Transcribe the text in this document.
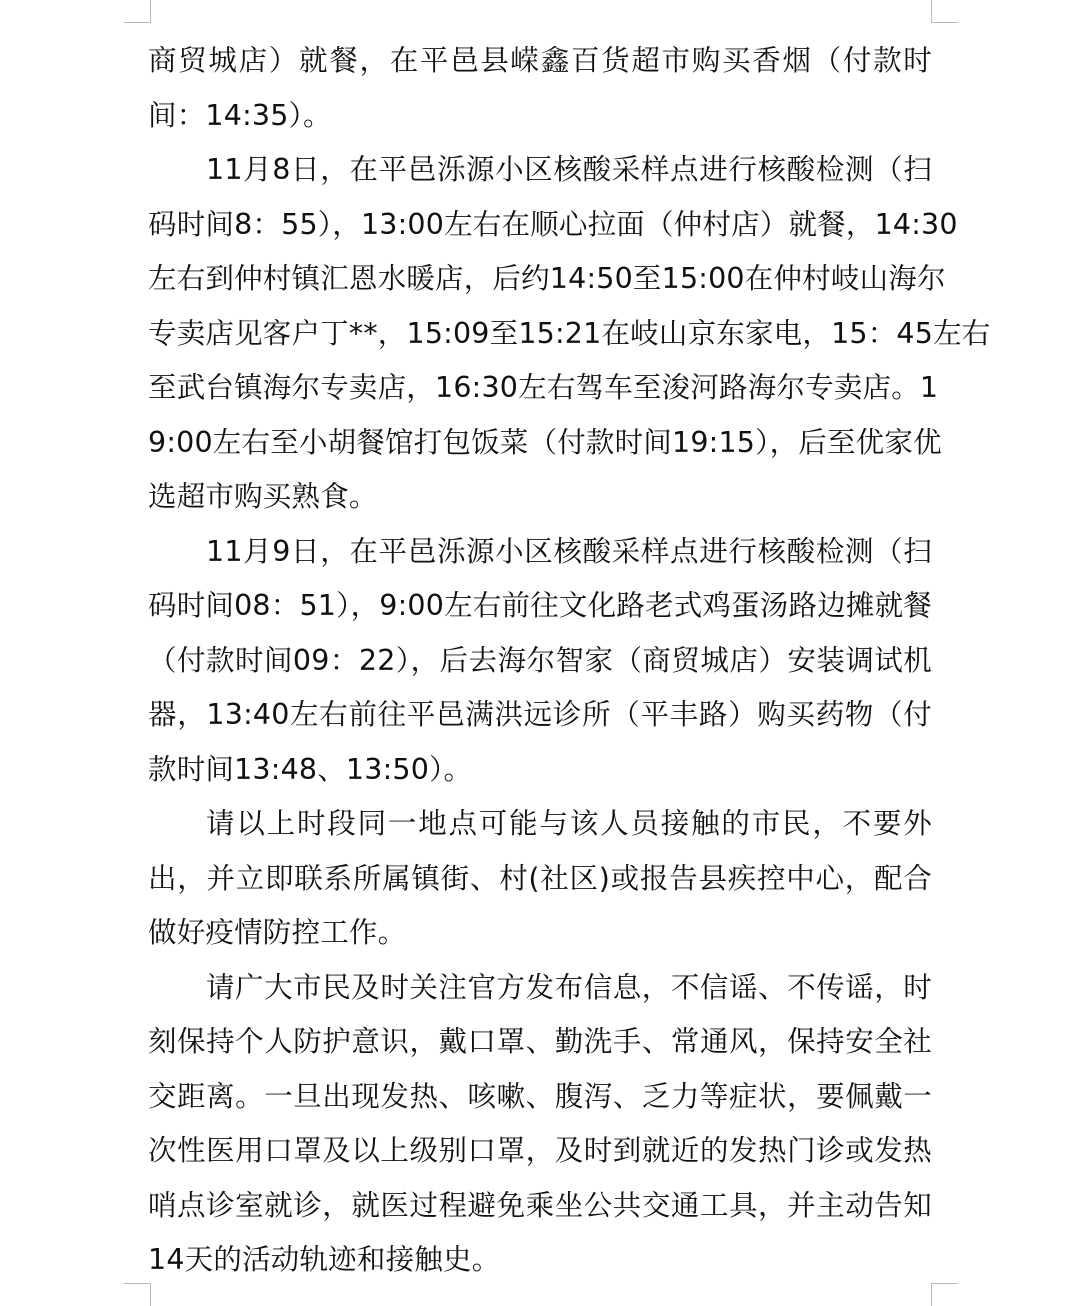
商贸城店）就餐，在平邑县嵘鑫百货超市购买香烟（付款时
间：14:35）。
11月8日，在平邑泺源小区核酸采样点进行核酸检测（扫
码时间8：55），13:00左右在顺心拉面（仲村店）就餐，14:30
左右到仲村镇汇恩水暖店，后约14:50至15:00在仲村岐山海尔
专卖店见客户丁**，15:09至15:21在岐山京东家电，15：45左右
至武台镇海尔专卖店，16:30左右驾车至浚河路海尔专卖店。1
9:00左右至小胡餐馆打包饭菜（付款时间19:15），后至优家优
选超市购买熟食。
11月9日，在平邑泺源小区核酸采样点进行核酸检测（扫
码时间08：51），9:00左右前往文化路老式鸡蛋汤路边摊就餐
（付款时间09：22），后去海尔智家（商贸城店）安装调试机
器，13:40左右前往平邑满洪远诊所（平丰路）购买药物（付
款时间13:48、13:50）。
请以上时段同一地点可能与该人员接触的市民，不要外
出，并立即联系所属镇街、村(社区)或报告县疾控中心，配合
做好疫情防控工作。
请广大市民及时关注官方发布信息，不信谣、不传谣，时
刻保持个人防护意识，戴口罩、勤洗手、常通风，保持安全社
交距离。一旦出现发热、咳嗽、腹泻、乏力等症状，要佩戴一
次性医用口罩及以上级别口罩，及时到就近的发热门诊或发热
哨点诊室就诊，就医过程避免乘坐公共交通工具，并主动告知
14天的活动轨迹和接触史。
